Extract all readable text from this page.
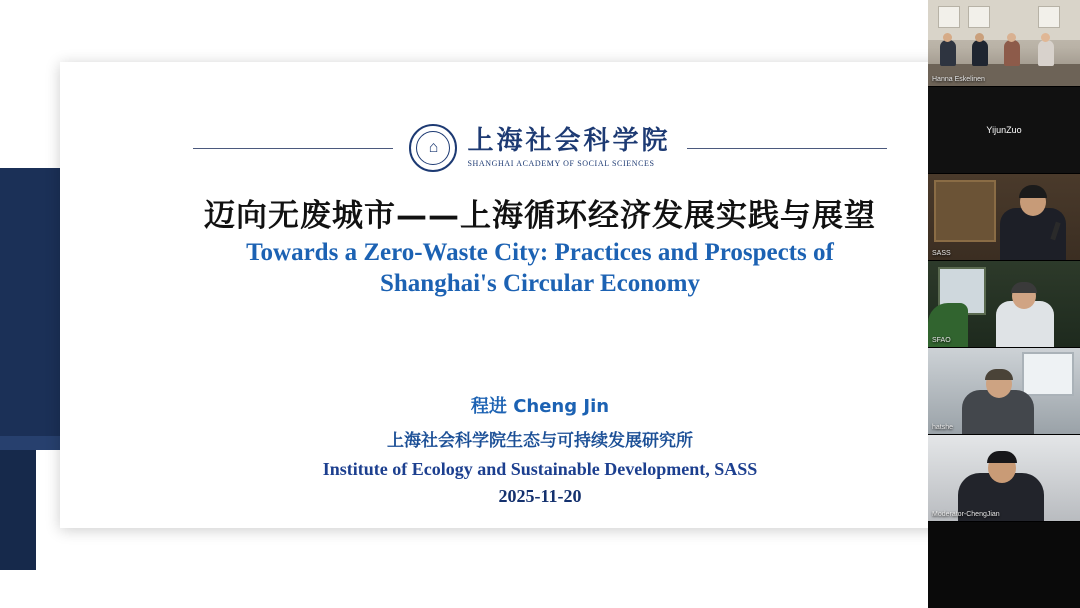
⌂	上海社会科学院
SHANGHAI ACADEMY OF SOCIAL SCIENCES
迈向无废城市——上海循环经济发展实践与展望
Towards a Zero-Waste City: Practices and Prospects of
Shanghai's Circular Economy
程进 Cheng Jin
上海社会科学院生态与可持续发展研究所
Institute of Ecology and Sustainable Development, SASS
2025-11-20
Hanna Eskelinen
YijunZuo
SASS
SFAO
hatshe
Moderator-ChengJian
